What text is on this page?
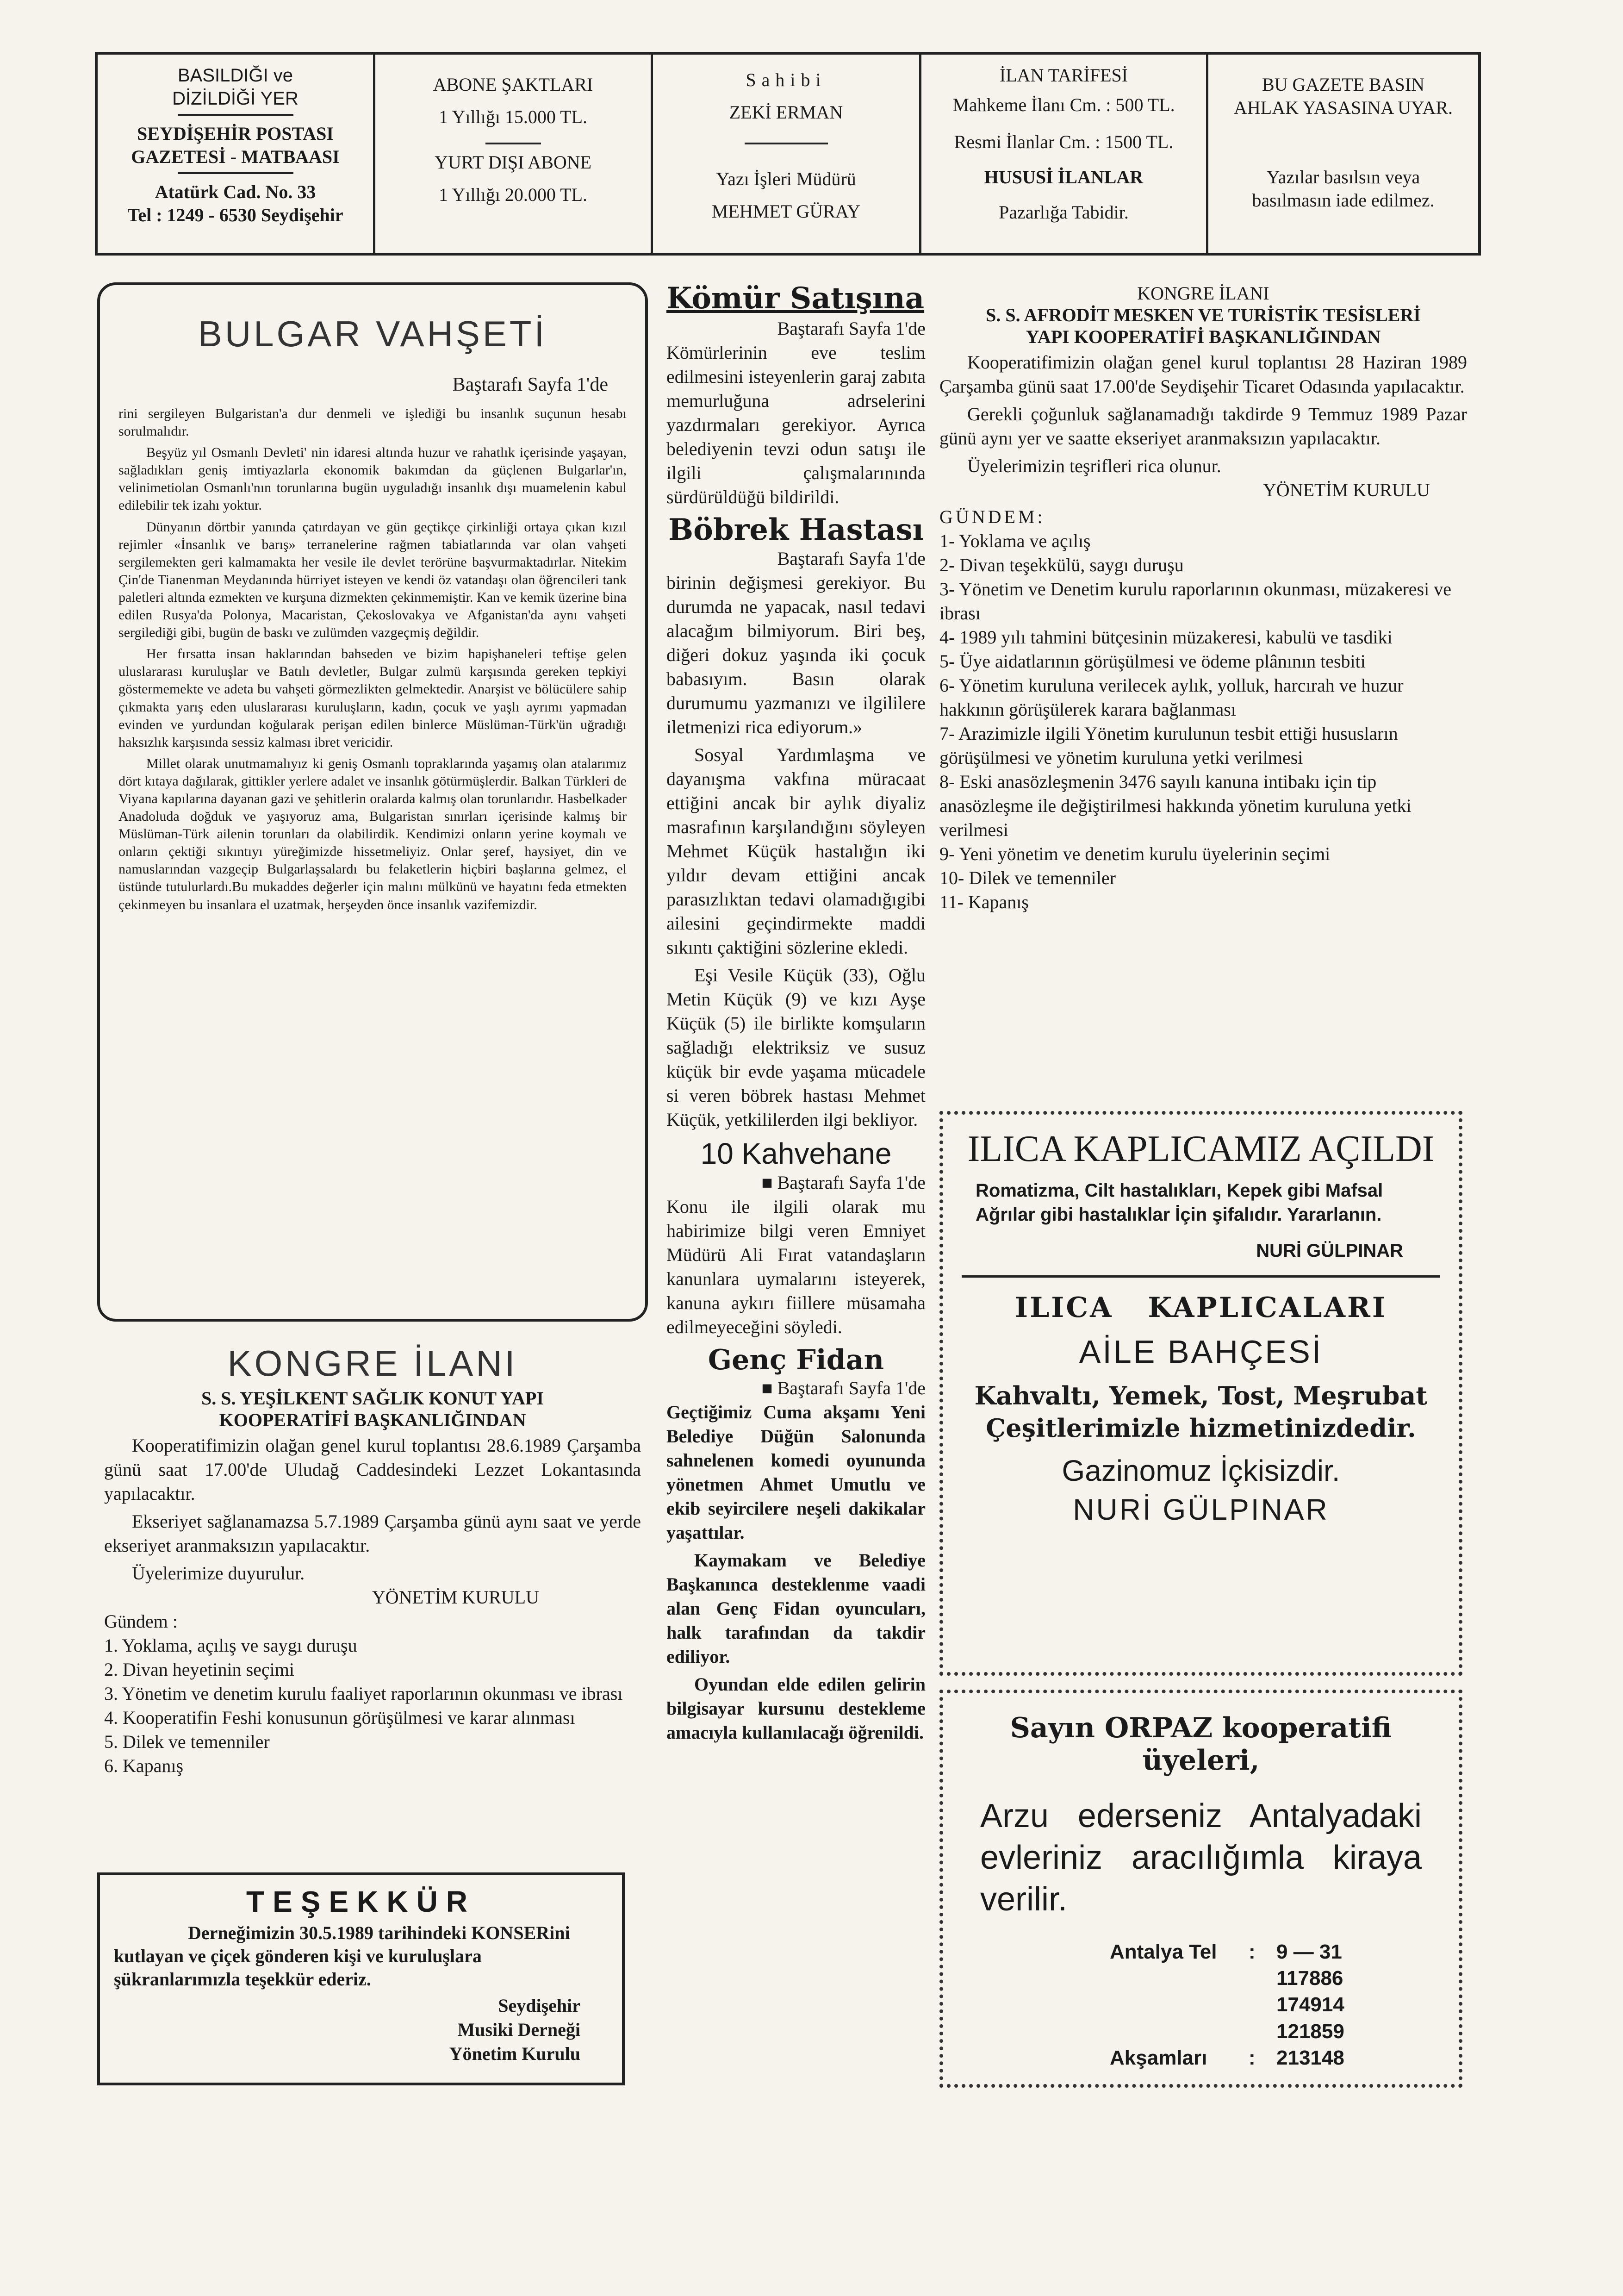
BASILDIĞI ve
DİZİLDİĞİ YER
SEYDİŞEHİR POSTASI
GAZETESİ - MATBAASI
Atatürk Cad. No. 33
Tel : 1249 - 6530 Seydişehir
ABONE ŞAKTLARI
1 Yıllığı 15.000 TL.
YURT DIŞI ABONE
1 Yıllığı 20.000 TL.
Sahibi
ZEKİ ERMAN
Yazı İşleri Müdürü
MEHMET GÜRAY
İLAN TARİFESİ
Mahkeme İlanı Cm. : 500 TL.
Resmi İlanlar Cm. : 1500 TL.
HUSUSİ İLANLAR
Pazarlığa Tabidir.
BU GAZETE BASIN
AHLAK YASASINA UYAR.
Yazılar basılsın veya basılmasın iade edilmez.
BULGAR VAHŞETİ
Baştarafı Sayfa 1'de

rini sergileyen Bulgaristan'a dur denmeli ve işlediği bu insanlık suçunun hesabı sorulmalıdır.

Beşyüz yıl Osmanlı Devleti' nin idaresi altında huzur ve rahatlık içerisinde yaşayan, sağladıkları geniş imtiyazlarla ekonomik bakımdan da güçlenen Bulgarlar'ın, velinimetiolan Osmanlı'nın torunlarına bugün uyguladığı insanlık dışı muamelenin kabul edilebilir tek izahı yoktur.

Dünyanın dörtbir yanında çatırdayan ve gün geçtikçe çirkinliği ortaya çıkan kızıl rejimler «İnsanlık ve barış» terranelerine rağmen tabiatlarında var olan vahşeti sergilemekten geri kalmamakta her vesile ile devlet terörüne başvurmaktadırlar. Nitekim Çin'de Tianenman Meydanında hürriyet isteyen ve kendi öz vatandaşı olan öğrencileri tank paletleri altında ezmekten ve kurşuna dizmekten çekinmemiştir. Kan ve kemik üzerine bina edilen Rusya'da Polonya, Macaristan, Çekoslovakya ve Afganistan'da aynı vahşeti sergilediği gibi, bugün de baskı ve zulümden vazgeçmiş değildir.

Her fırsatta insan haklarından bahseden ve bizim hapişhaneleri teftişe gelen uluslararası kuruluşlar ve Batılı devletler, Bulgar zulmü karşısında gereken tepkiyi göstermemekte ve adeta bu vahşeti görmezlikten gelmektedir. Anarşist ve bölücülere sahip çıkmakta yarış eden uluslararası kuruluşların, kadın, çocuk ve yaşlı ayrımı yapmadan evinden ve yurdundan koğularak perişan edilen binlerce Müslüman-Türk'ün uğradığı haksızlık karşısında sessiz kalması ibret vericidir.

Millet olarak unutmamalıyız ki geniş Osmanlı topraklarında yaşamış olan atalarımız dört kıtaya dağılarak, gittikler yerlere adalet ve insanlık götürmüşlerdir. Balkan Türkleri de Viyana kapılarına dayanan gazi ve şehitlerin oralarda kalmış olan torunlarıdır. Hasbelkader Anadoluda doğduk ve yaşıyoruz ama, Bulgaristan sınırları içerisinde kalmış bir Müslüman-Türk ailenin torunları da olabilirdik. Kendimizi onların yerine koymalı ve onların çektiği sıkıntıyı yüreğimizde hissetmeliyiz. Onlar şeref, haysiyet, din ve namuslarından vazgeçip Bulgarlaşsalardı bu felaketlerin hiçbiri başlarına gelmez, el üstünde tutulurlardı.Bu mukaddes değerler için malını mülkünü ve hayatını feda etmekten çekinmeyen bu insanlara el uzatmak, herşeyden önce insanlık vazifemizdir.

KONGRE İLANI
S. S. YEŞİLKENT SAĞLIK KONUT YAPI
KOOPERATİFİ BAŞKANLIĞINDAN

Kooperatifimizin olağan genel kurul toplantısı 28.6.1989 Çarşamba günü saat 17.00'de Uludağ Caddesindeki Lezzet Lokantasında yapılacaktır.

Ekseriyet sağlanamazsa 5.7.1989 Çarşamba günü aynı saat ve yerde ekseriyet aranmaksızın yapılacaktır.

Üyelerimize duyurulur.

YÖNETİM KURULU
Gündem :
1. Yoklama, açılış ve saygı duruşu
2. Divan heyetinin seçimi
3. Yönetim ve denetim kurulu faaliyet raporlarının okunması ve ibrası
4. Kooperatifin Feshi konusunun görüşülmesi ve karar alınması
5. Dilek ve temenniler
6. Kapanış
TEŞEKKÜR
Derneğimizin 30.5.1989 tarihindeki KONSERini kutlayan ve çiçek gönderen kişi ve kuruluşlara şükranlarımızla teşekkür ederiz.
Seydişehir
Musiki Derneği
Yönetim Kurulu
Kömür Satışına
Baştarafı Sayfa 1'de

Kömürlerinin eve teslim edilmesini isteyenlerin garaj zabıta memurluğuna adrselerini yazdırmaları gerekiyor. Ayrıca belediyenin tevzi odun satışı ile ilgili çalışmalarınında sürdürüldüğü bildirildi.

Böbrek Hastası
Baştarafı Sayfa 1'de

birinin değişmesi gerekiyor. Bu durumda ne yapacak, nasıl tedavi alacağım bilmiyorum. Biri beş, diğeri dokuz yaşında iki çocuk babasıyım. Basın olarak durumumu yazmanızı ve ilgililere iletmenizi rica ediyorum.»

Sosyal Yardımlaşma ve dayanışma vakfına müracaat ettiğini ancak bir aylık diyaliz masrafının karşılandığını söyleyen Mehmet Küçük hastalığın iki yıldır devam ettiğini ancak parasızlıktan tedavi olamadığıgibi ailesini geçindirmekte maddi sıkıntı çaktiğini sözlerine ekledi.

Eşi Vesile Küçük (33), Oğlu Metin Küçük (9) ve kızı Ayşe Küçük (5) ile birlikte komşuların sağladığı elektriksiz ve susuz küçük bir evde yaşama mücadele si veren böbrek hastası Mehmet Küçük, yetkililerden ilgi bekliyor.

10 Kahvehane
■ Baştarafı Sayfa 1'de

Konu ile ilgili olarak mu habirimize bilgi veren Emniyet Müdürü Ali Fırat vatandaşların kanunlara uymalarını isteyerek, kanuna aykırı fiillere müsamaha edilmeyeceğini söyledi.

Genç Fidan
■ Baştarafı Sayfa 1'de

Geçtiğimiz Cuma akşamı Yeni Belediye Düğün Salonunda sahnelenen komedi oyununda yönetmen Ahmet Umutlu ve ekib seyircilere neşeli dakikalar yaşattılar.

Kaymakam ve Belediye Başkanınca desteklenme vaadi alan Genç Fidan oyuncuları, halk tarafından da takdir ediliyor.

Oyundan elde edilen gelirin bilgisayar kursunu destekleme amacıyla kullanılacağı öğrenildi.

KONGRE İLANI
S. S. AFRODİT MESKEN VE TURİSTİK TESİSLERİ
YAPI KOOPERATİFİ BAŞKANLIĞINDAN

Kooperatifimizin olağan genel kurul toplantısı 28 Haziran 1989 Çarşamba günü saat 17.00'de Seydişehir Ticaret Odasında yapılacaktır.

Gerekli çoğunluk sağlanamadığı takdirde 9 Temmuz 1989 Pazar günü aynı yer ve saatte ekseriyet aranmaksızın yapılacaktır.

Üyelerimizin teşrifleri rica olunur.

YÖNETİM KURULU
GÜNDEM:
1- Yoklama ve açılış
2- Divan teşekkülü, saygı duruşu
3- Yönetim ve Denetim kurulu raporlarının okunması, müzakeresi ve ibrası
4- 1989 yılı tahmini bütçesinin müzakeresi, kabulü ve tasdiki
5- Üye aidatlarının görüşülmesi ve ödeme plânının tesbiti
6- Yönetim kuruluna verilecek aylık, yolluk, harcırah ve huzur hakkının görüşülerek karara bağlanması
7- Arazimizle ilgili Yönetim kurulunun tesbit ettiği hususların görüşülmesi ve yönetim kuruluna yetki verilmesi
8- Eski anasözleşmenin 3476 sayılı kanuna intibakı için tip anasözleşme ile değiştirilmesi hakkında yönetim kuruluna yetki verilmesi
9- Yeni yönetim ve denetim kurulu üyelerinin seçimi
10- Dilek ve temenniler
11- Kapanış
ILICA KAPLICAMIZ AÇILDI
Romatizma, Cilt hastalıkları, Kepek gibi Mafsal Ağrılar gibi hastalıklar İçin şifalıdır. Yararlanın.
NURİ GÜLPINAR
ILICA KAPLICALARI
AİLE BAHÇESİ
Kahvaltı, Yemek, Tost, Meşrubat Çeşitlerimizle hizmetinizdedir.
Gazinomuz İçkisizdir.
NURİ GÜLPINAR
Sayın ORPAZ kooperatifi üyeleri,
Arzu ederseniz Antalyadaki evleriniz aracılığımla kiraya verilir.
Antalya Tel : 9 — 31
117886
174914
121859
Akşamları : 213148
